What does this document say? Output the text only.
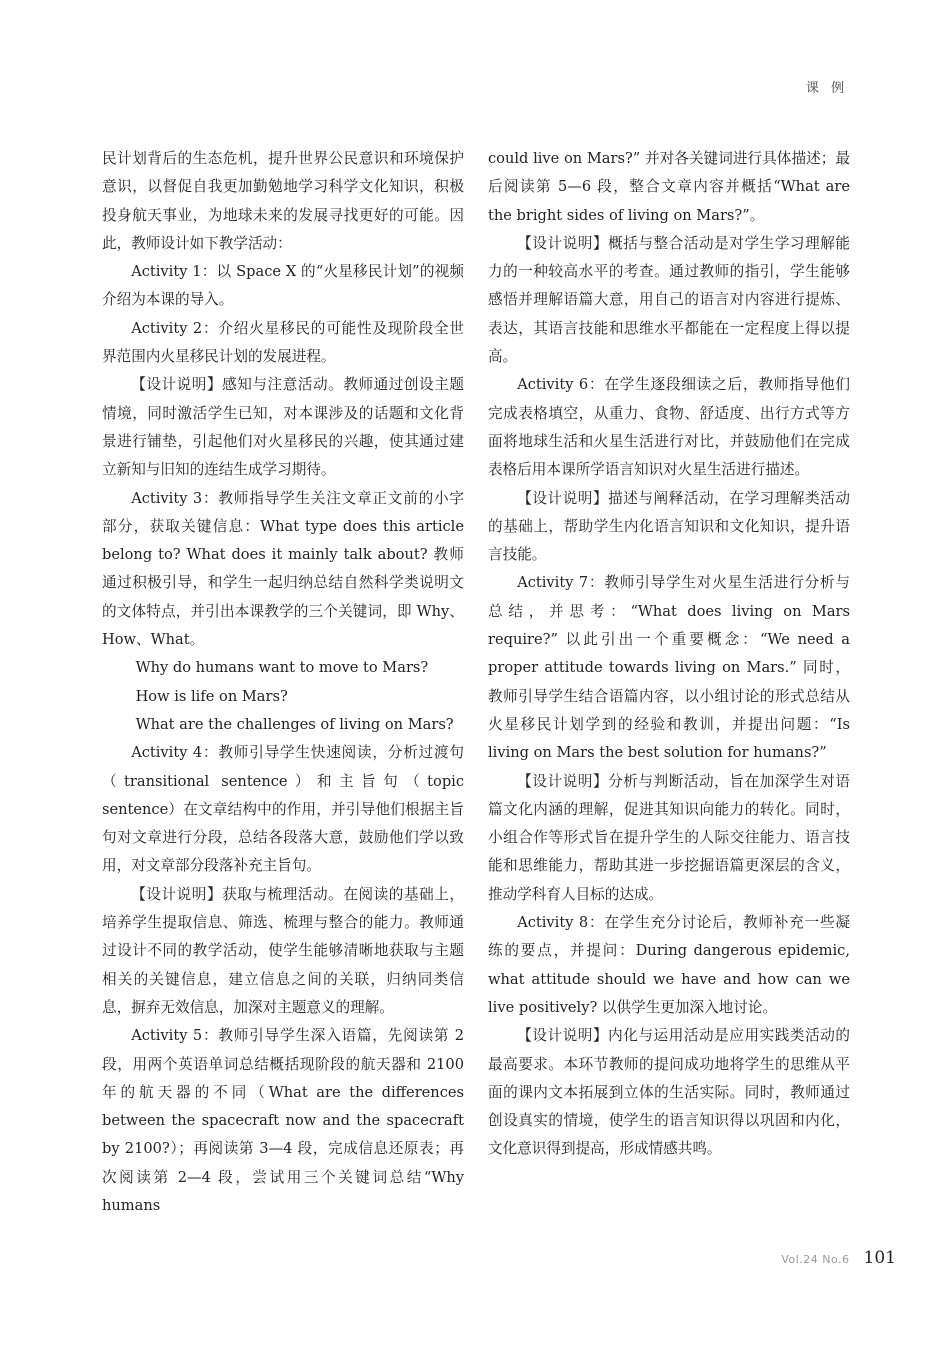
课 例

民计划背后的生态危机，提升世界公民意识和环境保护意识，以督促自我更加勤勉地学习科学文化知识，积极投身航天事业，为地球未来的发展寻找更好的可能。因此，教师设计如下教学活动：

Activity 1：以 Space X 的“火星移民计划”的视频介绍为本课的导入。

Activity 2：介绍火星移民的可能性及现阶段全世界范围内火星移民计划的发展进程。

【设计说明】感知与注意活动。教师通过创设主题情境，同时激活学生已知，对本课涉及的话题和文化背景进行铺垫，引起他们对火星移民的兴趣，使其通过建立新知与旧知的连结生成学习期待。

Activity 3：教师指导学生关注文章正文前的小字部分，获取关键信息：What type does this article belong to? What does it mainly talk about? 教师通过积极引导，和学生一起归纳总结自然科学类说明文的文体特点，并引出本课教学的三个关键词，即 Why、How、What。

Why do humans want to move to Mars?

How is life on Mars?

What are the challenges of living on Mars?

Activity 4：教师引导学生快速阅读，分析过渡句（transitional sentence）和主旨句（topic sentence）在文章结构中的作用，并引导他们根据主旨句对文章进行分段，总结各段落大意，鼓励他们学以致用，对文章部分段落补充主旨句。

【设计说明】获取与梳理活动。在阅读的基础上，培养学生提取信息、筛选、梳理与整合的能力。教师通过设计不同的教学活动，使学生能够清晰地获取与主题相关的关键信息，建立信息之间的关联，归纳同类信息，摒弃无效信息，加深对主题意义的理解。

Activity 5：教师引导学生深入语篇，先阅读第 2 段，用两个英语单词总结概括现阶段的航天器和 2100 年的航天器的不同（What are the differences between the spacecraft now and the spacecraft by 2100?）；再阅读第 3—4 段，完成信息还原表；再次阅读第 2—4 段，尝试用三个关键词总结“Why humans

could live on Mars?” 并对各关键词进行具体描述；最后阅读第 5—6 段，整合文章内容并概括“What are the bright sides of living on Mars?”。

【设计说明】概括与整合活动是对学生学习理解能力的一种较高水平的考查。通过教师的指引，学生能够感悟并理解语篇大意，用自己的语言对内容进行提炼、表达，其语言技能和思维水平都能在一定程度上得以提高。

Activity 6：在学生逐段细读之后，教师指导他们完成表格填空，从重力、食物、舒适度、出行方式等方面将地球生活和火星生活进行对比，并鼓励他们在完成表格后用本课所学语言知识对火星生活进行描述。

【设计说明】描述与阐释活动，在学习理解类活动的基础上，帮助学生内化语言知识和文化知识，提升语言技能。

Activity 7：教师引导学生对火星生活进行分析与总结，并思考：“What does living on Mars require?” 以此引出一个重要概念：“We need a proper attitude towards living on Mars.” 同时，教师引导学生结合语篇内容，以小组讨论的形式总结从火星移民计划学到的经验和教训，并提出问题：“Is living on Mars the best solution for humans?”

【设计说明】分析与判断活动，旨在加深学生对语篇文化内涵的理解，促进其知识向能力的转化。同时，小组合作等形式旨在提升学生的人际交往能力、语言技能和思维能力，帮助其进一步挖掘语篇更深层的含义，推动学科育人目标的达成。

Activity 8：在学生充分讨论后，教师补充一些凝练的要点，并提问：During dangerous epidemic, what attitude should we have and how can we live positively? 以供学生更加深入地讨论。

【设计说明】内化与运用活动是应用实践类活动的最高要求。本环节教师的提问成功地将学生的思维从平面的课内文本拓展到立体的生活实际。同时，教师通过创设真实的情境，使学生的语言知识得以巩固和内化，文化意识得到提高，形成情感共鸣。

Vol.24 No.6 101
